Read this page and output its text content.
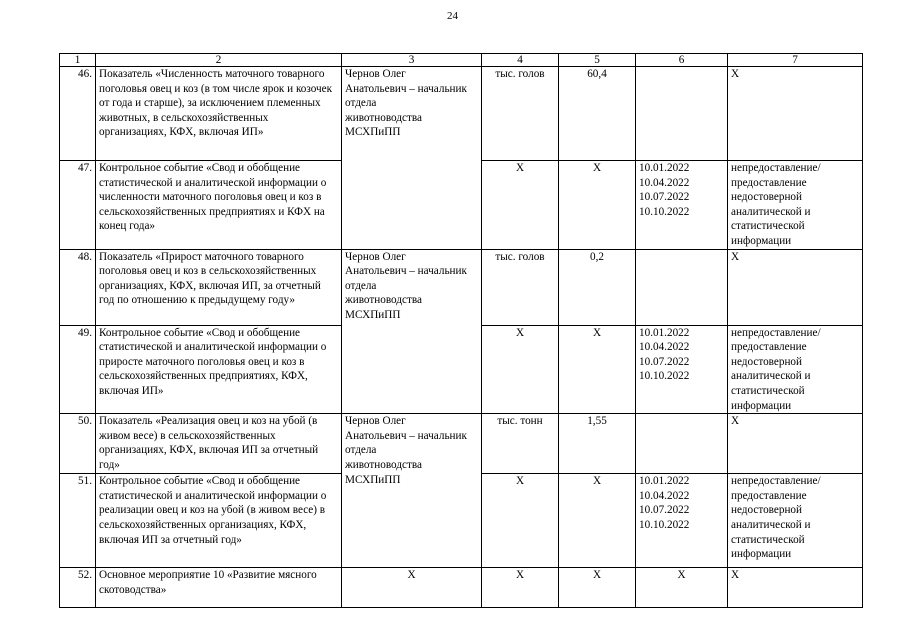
24
1	2	3	4	5	6	7
46.	Показатель «Численность маточного товарного поголовья овец и коз (в том числе ярок и козочек от года и старше), за исключением племенных животных, в сельскохозяйственных организациях, КФХ, включая ИП»	Чернов Олег
Анатольевич – начальник отдела
животноводства
МСХПиПП	тыс. голов	60,4		Х
47.	Контрольное событие «Свод и обобщение статистической и аналитической информации о численности маточного поголовья овец и коз в сельскохозяйственных предприятиях и КФХ на конец года»		Х	Х	10.01.2022
10.04.2022
10.07.2022
10.10.2022	непредоставление/
предоставление недостоверной аналитической и статистической информации
48.	Показатель «Прирост маточного товарного поголовья овец и коз в сельскохозяйственных организациях, КФХ, включая ИП, за отчетный год по отношению к предыдущему году»	Чернов Олег
Анатольевич – начальник отдела
животноводства
МСХПиПП	тыс. голов	0,2		Х
49.	Контрольное событие «Свод и обобщение статистической и аналитической информации о приросте маточного поголовья овец и коз в сельскохозяйственных предприятиях, КФХ, включая ИП»		Х	Х	10.01.2022
10.04.2022
10.07.2022
10.10.2022	непредоставление/
предоставление недостоверной аналитической и статистической информации
50.	Показатель «Реализация овец и коз на убой (в живом весе) в сельскохозяйственных организациях, КФХ, включая ИП за отчетный год»	Чернов Олег
Анатольевич – начальник отдела
животноводства
МСХПиПП	тыс. тонн	1,55		Х
51.	Контрольное событие «Свод и обобщение статистической и аналитической информации о реализации овец и коз на убой (в живом весе) в сельскохозяйственных организациях, КФХ, включая ИП за отчетный год»		Х	Х	10.01.2022
10.04.2022
10.07.2022
10.10.2022	непредоставление/
предоставление недостоверной аналитической и статистической информации
52.	Основное мероприятие 10 «Развитие мясного скотоводства»	Х	Х	Х	Х	Х
